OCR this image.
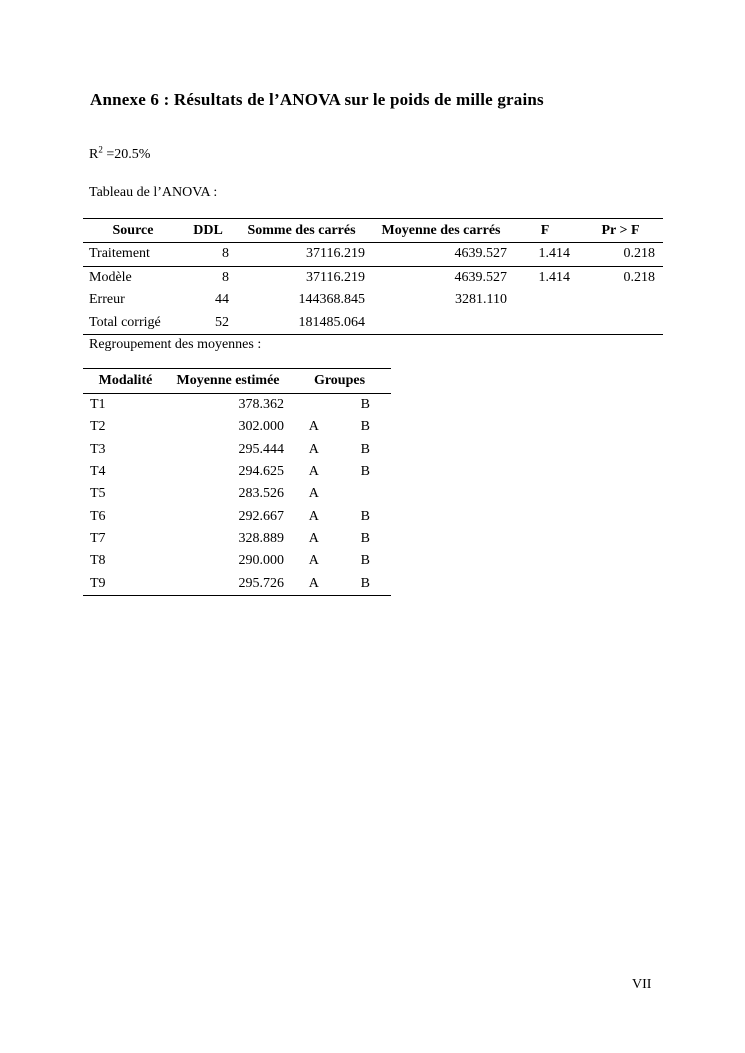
Annexe 6 : Résultats de l’ANOVA sur le poids de mille grains
$R^2 =20.5\%$
Tableau de l’ANOVA :
Source	DDL	Somme des carrés	Moyenne des carrés	F	Pr > F
Traitement	8	37116.219	4639.527	1.414	0.218
Modèle	8	37116.219	4639.527	1.414	0.218
Erreur	44	144368.845	3281.110		
Total corrigé	52	181485.064			
Regroupement des moyennes :
Modalité	Moyenne estimée	Groupes	
T1	378.362		B
T2	302.000	A	B
T3	295.444	A	B
T4	294.625	A	B
T5	283.526	A	
T6	292.667	A	B
T7	328.889	A	B
T8	290.000	A	B
T9	295.726	A	B
VII
